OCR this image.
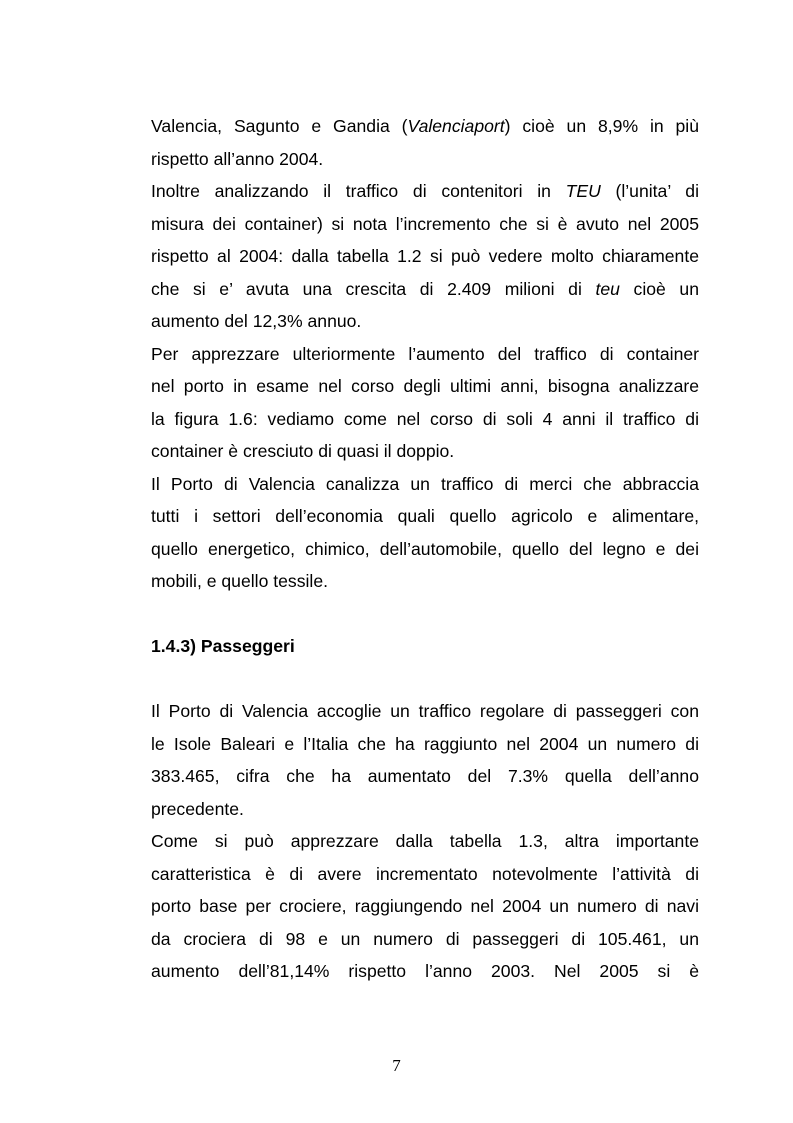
Valencia, Sagunto e Gandia (Valenciaport) cioè un 8,9% in più
rispetto all’anno 2004.
Inoltre analizzando il traffico di contenitori in TEU (l’unita’ di
misura dei container) si nota l’incremento che si è avuto nel 2005
rispetto al 2004: dalla tabella 1.2 si può vedere molto chiaramente
che si e’ avuta una crescita di 2.409 milioni di teu cioè un
aumento del 12,3% annuo.
Per apprezzare ulteriormente l’aumento del traffico di container
nel porto in esame nel corso degli ultimi anni, bisogna analizzare
la figura 1.6: vediamo come nel corso di soli 4 anni il traffico di
container è cresciuto di quasi il doppio.
Il Porto di Valencia canalizza un traffico di merci che abbraccia
tutti i settori dell’economia quali quello agricolo e alimentare,
quello energetico, chimico, dell’automobile, quello del legno e dei
mobili, e quello tessile.
1.4.3) Passeggeri
Il Porto di Valencia accoglie un traffico regolare di passeggeri con
le Isole Baleari e l’Italia che ha raggiunto nel 2004 un numero di
383.465, cifra che ha aumentato del 7.3% quella dell’anno
precedente.
Come si può apprezzare dalla tabella 1.3, altra importante
caratteristica è di avere incrementato notevolmente l’attività di
porto base per crociere, raggiungendo nel 2004 un numero di navi
da crociera di 98 e un numero di passeggeri di 105.461, un
aumento dell’81,14% rispetto l’anno 2003. Nel 2005 si è
7
